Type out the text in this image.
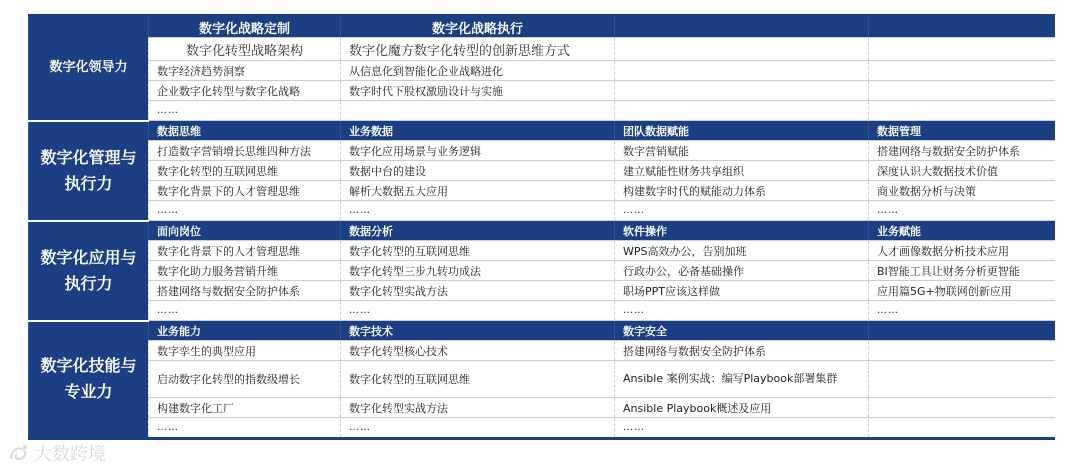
数字化领导力	数字化战略定制	数字化战略执行		
	数字化转型战略架构	数字化魔方数字化转型的创新思维方式		
	数字经济趋势洞察	从信息化到智能化企业战略进化		
	企业数字化转型与数字化战略	数字时代下股权激励设计与实施		
	……			
数字化管理与执行力	数据思维	业务数据	团队数据赋能	数据管理
	打造数字营销增长思维四种方法	数字化应用场景与业务逻辑	数字营销赋能	搭建网络与数据安全防护体系
	数字化转型的互联网思维	数据中台的建设	建立赋能性财务共享组织	深度认识大数据技术价值
	数字化背景下的人才管理思维	解析大数据五大应用	构建数字时代的赋能动力体系	商业数据分析与决策
	……	……	……	……
数字化应用与执行力	面向岗位	数据分析	软件操作	业务赋能
	数字化背景下的人才管理思维	数字化转型的互联网思维	WPS高效办公，告别加班	人才画像数据分析技术应用
	数字化助力服务营销升维	数字化转型三步九转功成法	行政办公，必备基础操作	BI智能工具让财务分析更智能
	搭建网络与数据安全防护体系	数字化转型实战方法	职场PPT应该这样做	应用篇5G+物联网创新应用
	……	……	……	……
数字化技能与专业力	业务能力	数字技术	数字安全	
	数字孪生的典型应用	数字化转型核心技术	搭建网络与数据安全防护体系	
	启动数字化转型的指数级增长	数字化转型的互联网思维	Ansible 案例实战：编写Playbook部署集群	
	构建数字化工厂	数字化转型实战方法	Ansible Playbook概述及应用	
	……	……	……	
大数跨境
